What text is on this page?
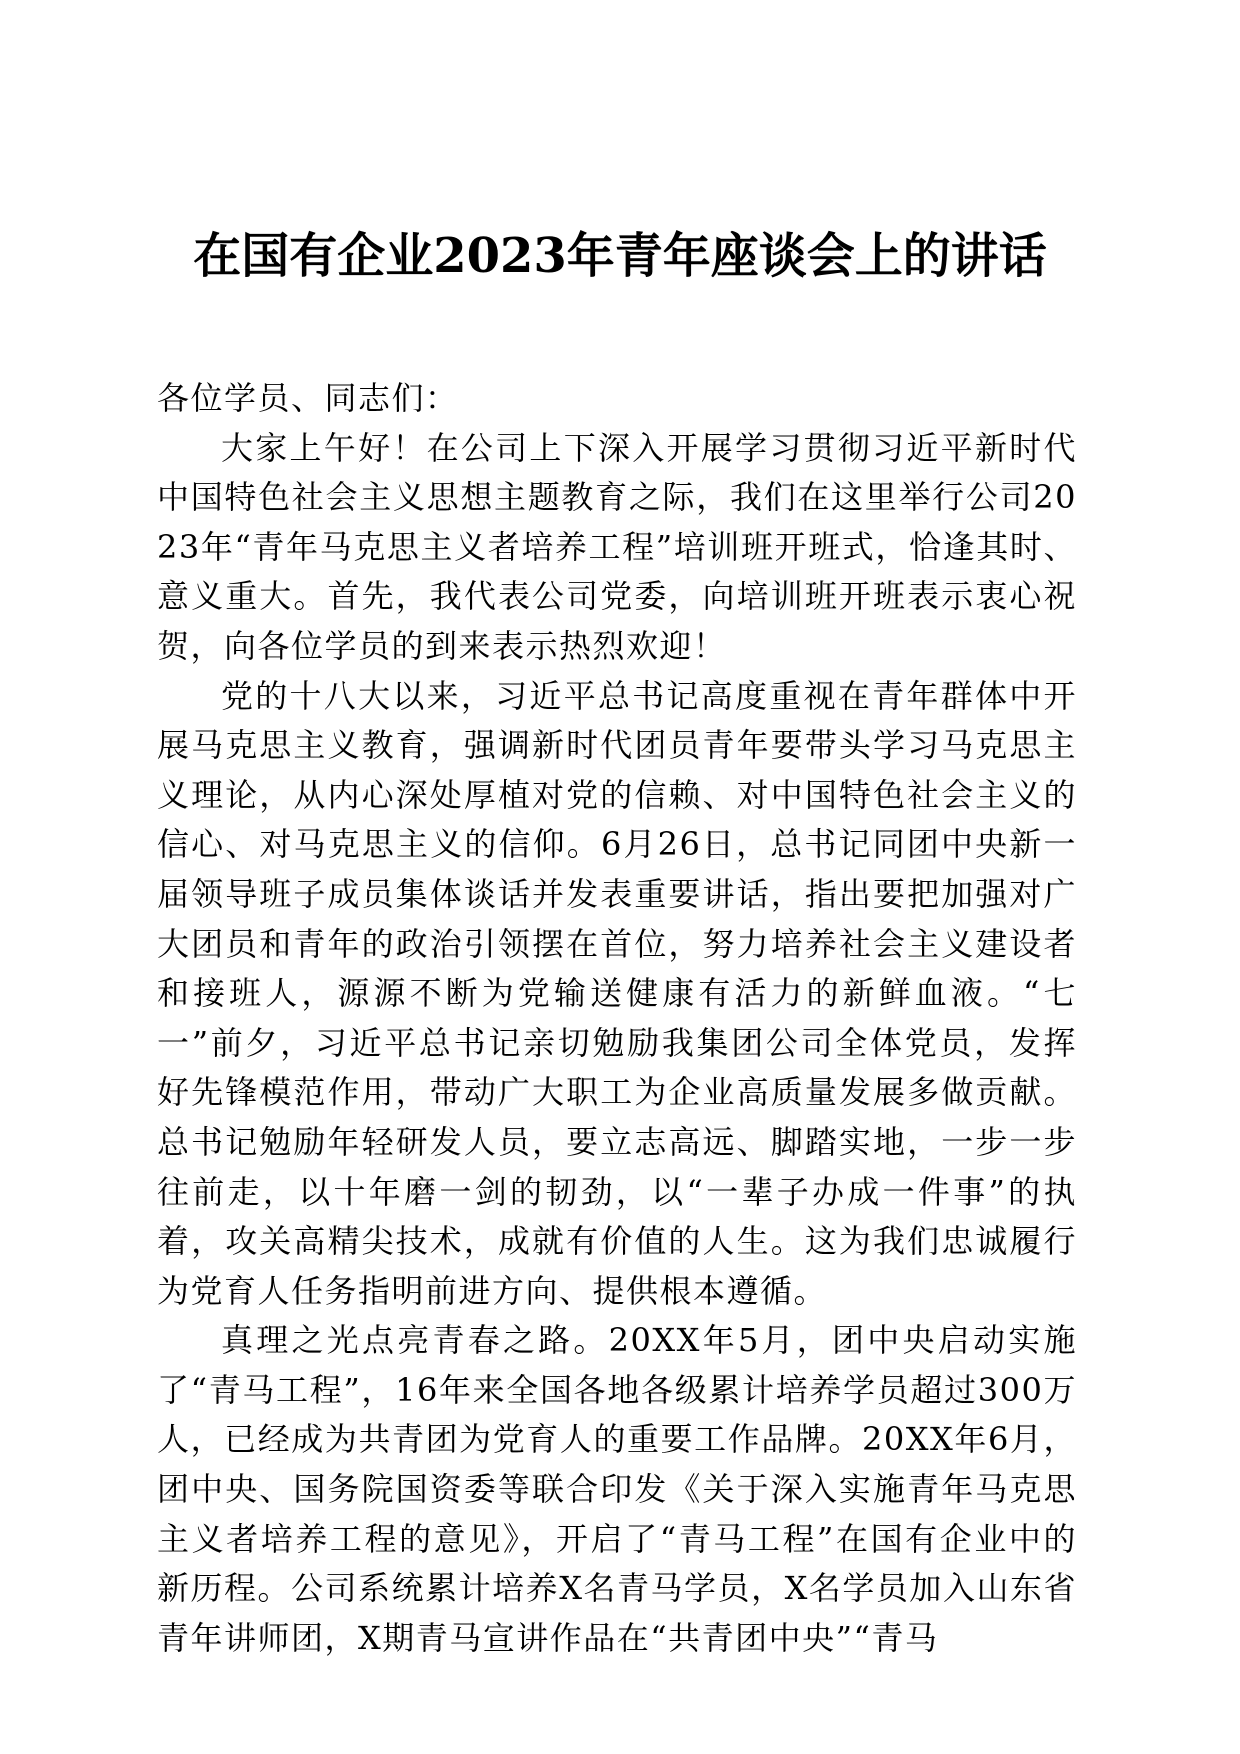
在国有企业2023年青年座谈会上的讲话

各位学员、同志们：

大家上午好！在公司上下深入开展学习贯彻习近平新时代中国特色社会主义思想主题教育之际，我们在这里举行公司2023年“青年马克思主义者培养工程”培训班开班式，恰逢其时、意义重大。首先，我代表公司党委，向培训班开班表示衷心祝贺，向各位学员的到来表示热烈欢迎！

党的十八大以来，习近平总书记高度重视在青年群体中开展马克思主义教育，强调新时代团员青年要带头学习马克思主义理论，从内心深处厚植对党的信赖、对中国特色社会主义的信心、对马克思主义的信仰。6月26日，总书记同团中央新一届领导班子成员集体谈话并发表重要讲话，指出要把加强对广大团员和青年的政治引领摆在首位，努力培养社会主义建设者和接班人，源源不断为党输送健康有活力的新鲜血液。“七一”前夕，习近平总书记亲切勉励我集团公司全体党员，发挥好先锋模范作用，带动广大职工为企业高质量发展多做贡献。总书记勉励年轻研发人员，要立志高远、脚踏实地，一步一步往前走，以十年磨一剑的韧劲，以“一辈子办成一件事”的执着，攻关高精尖技术，成就有价值的人生。这为我们忠诚履行为党育人任务指明前进方向、提供根本遵循。

真理之光点亮青春之路。20XX年5月，团中央启动实施了“青马工程”，16年来全国各地各级累计培养学员超过300万人，已经成为共青团为党育人的重要工作品牌。20XX年6月，团中央、国务院国资委等联合印发《关于深入实施青年马克思主义者培养工程的意见》，开启了“青马工程”在国有企业中的新历程。公司系统累计培养X名青马学员，X名学员加入山东省青年讲师团，X期青马宣讲作品在“共青团中央”“青马
